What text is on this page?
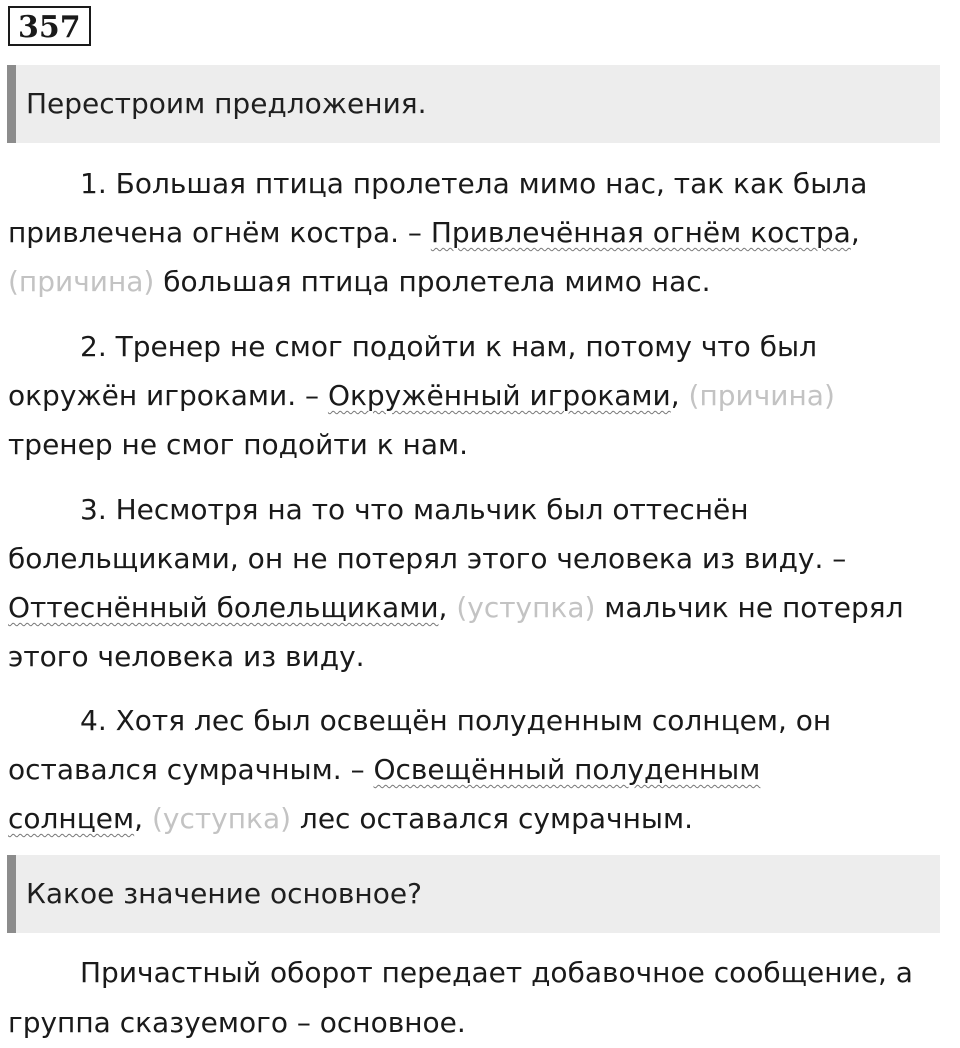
357
Перестроим предложения.
1. Большая птица пролетела мимо нас, так как была
привлечена огнём костра. – Привлечённая огнём костра,
(причина) большая птица пролетела мимо нас.
2. Тренер не смог подойти к нам, потому что был
окружён игроками. – Окружённый игроками, (причина)
тренер не смог подойти к нам.
3. Несмотря на то что мальчик был оттеснён
болельщиками, он не потерял этого человека из виду. –
Оттеснённый болельщиками, (уступка) мальчик не потерял
этого человека из виду.
4. Хотя лес был освещён полуденным солнцем, он
оставался сумрачным. – Освещённый полуденным
солнцем, (уступка) лес оставался сумрачным.
Какое значение основное?
Причастный оборот передает добавочное сообщение, а
группа сказуемого – основное.
